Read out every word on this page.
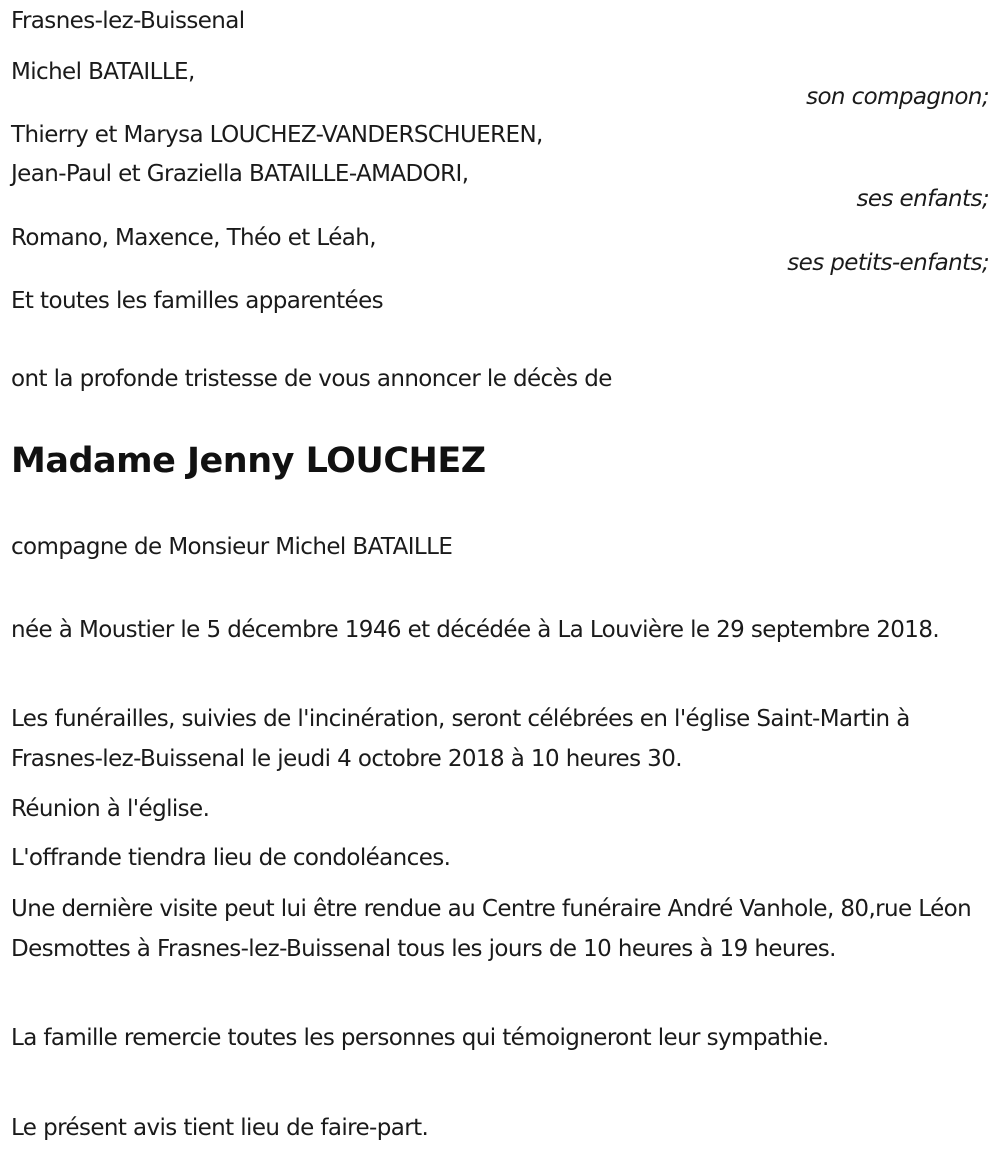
Frasnes-lez-Buissenal

Michel BATAILLE,

son compagnon;

Thierry et Marysa LOUCHEZ-VANDERSCHUEREN,

Jean-Paul et Graziella BATAILLE-AMADORI,

ses enfants;

Romano, Maxence, Théo et Léah,

ses petits-enfants;

Et toutes les familles apparentées

ont la profonde tristesse de vous annoncer le décès de

Madame Jenny LOUCHEZ

compagne de Monsieur Michel BATAILLE

née à Moustier le 5 décembre 1946 et décédée à La Louvière le 29 septembre 2018.

Les funérailles, suivies de l'incinération, seront célébrées en l'église Saint-Martin à Frasnes-lez-Buissenal le jeudi 4 octobre 2018 à 10 heures 30.

Réunion à l'église.

L'offrande tiendra lieu de condoléances.

Une dernière visite peut lui être rendue au Centre funéraire André Vanhole, 80,rue Léon Desmottes à Frasnes-lez-Buissenal tous les jours de 10 heures à 19 heures.

La famille remercie toutes les personnes qui témoigneront leur sympathie.

Le présent avis tient lieu de faire-part.
